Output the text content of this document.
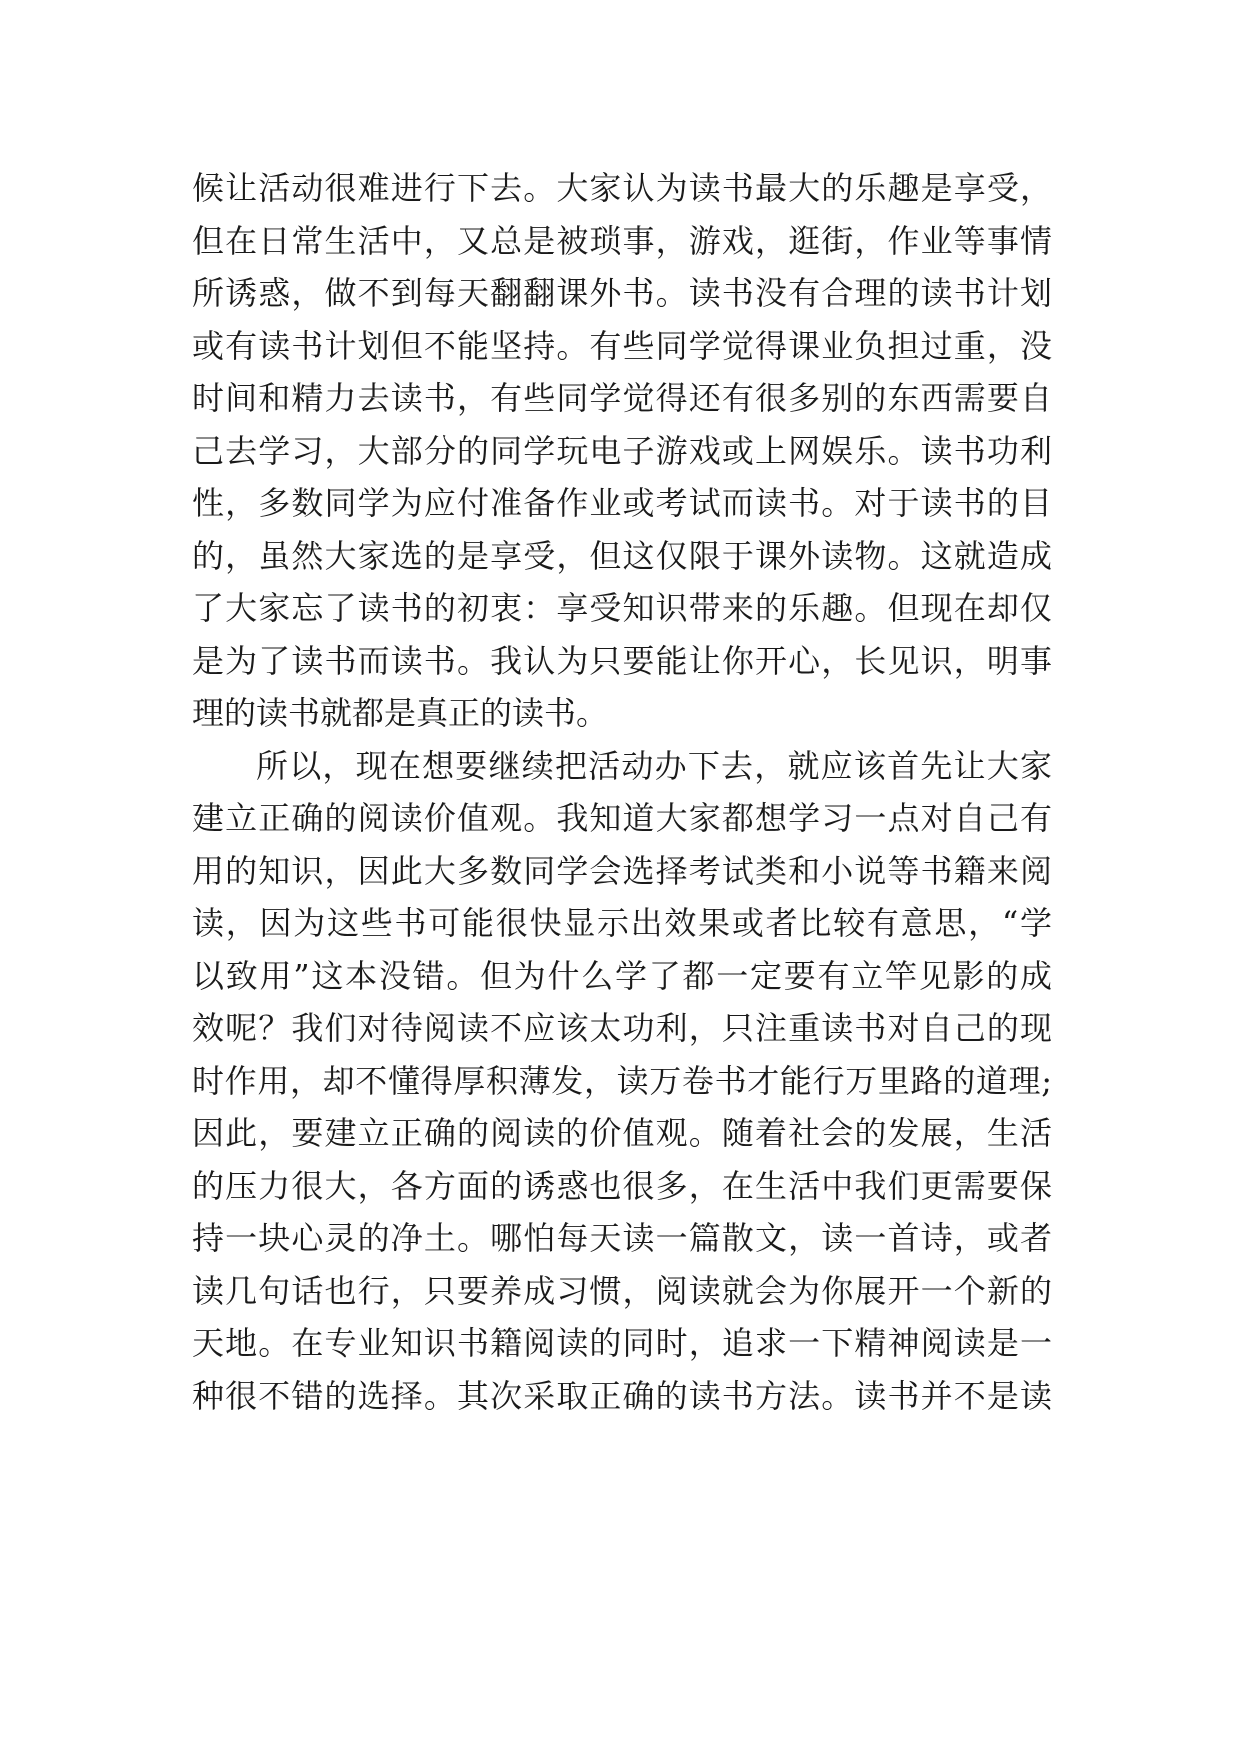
候让活动很难进行下去。大家认为读书最大的乐趣是享受，
但在日常生活中，又总是被琐事，游戏，逛街，作业等事情
所诱惑，做不到每天翻翻课外书。读书没有合理的读书计划
或有读书计划但不能坚持。有些同学觉得课业负担过重，没
时间和精力去读书，有些同学觉得还有很多别的东西需要自
己去学习，大部分的同学玩电子游戏或上网娱乐。读书功利
性，多数同学为应付准备作业或考试而读书。对于读书的目
的，虽然大家选的是享受，但这仅限于课外读物。这就造成
了大家忘了读书的初衷：享受知识带来的乐趣。但现在却仅
是为了读书而读书。我认为只要能让你开心，长见识，明事
理的读书就都是真正的读书。
所以，现在想要继续把活动办下去，就应该首先让大家
建立正确的阅读价值观。我知道大家都想学习一点对自己有
用的知识，因此大多数同学会选择考试类和小说等书籍来阅
读，因为这些书可能很快显示出效果或者比较有意思，“学
以致用”这本没错。但为什么学了都一定要有立竿见影的成
效呢？我们对待阅读不应该太功利，只注重读书对自己的现
时作用，却不懂得厚积薄发，读万卷书才能行万里路的道理;
因此，要建立正确的阅读的价值观。随着社会的发展，生活
的压力很大，各方面的诱惑也很多，在生活中我们更需要保
持一块心灵的净土。哪怕每天读一篇散文，读一首诗，或者
读几句话也行，只要养成习惯，阅读就会为你展开一个新的
天地。在专业知识书籍阅读的同时，追求一下精神阅读是一
种很不错的选择。其次采取正确的读书方法。读书并不是读
